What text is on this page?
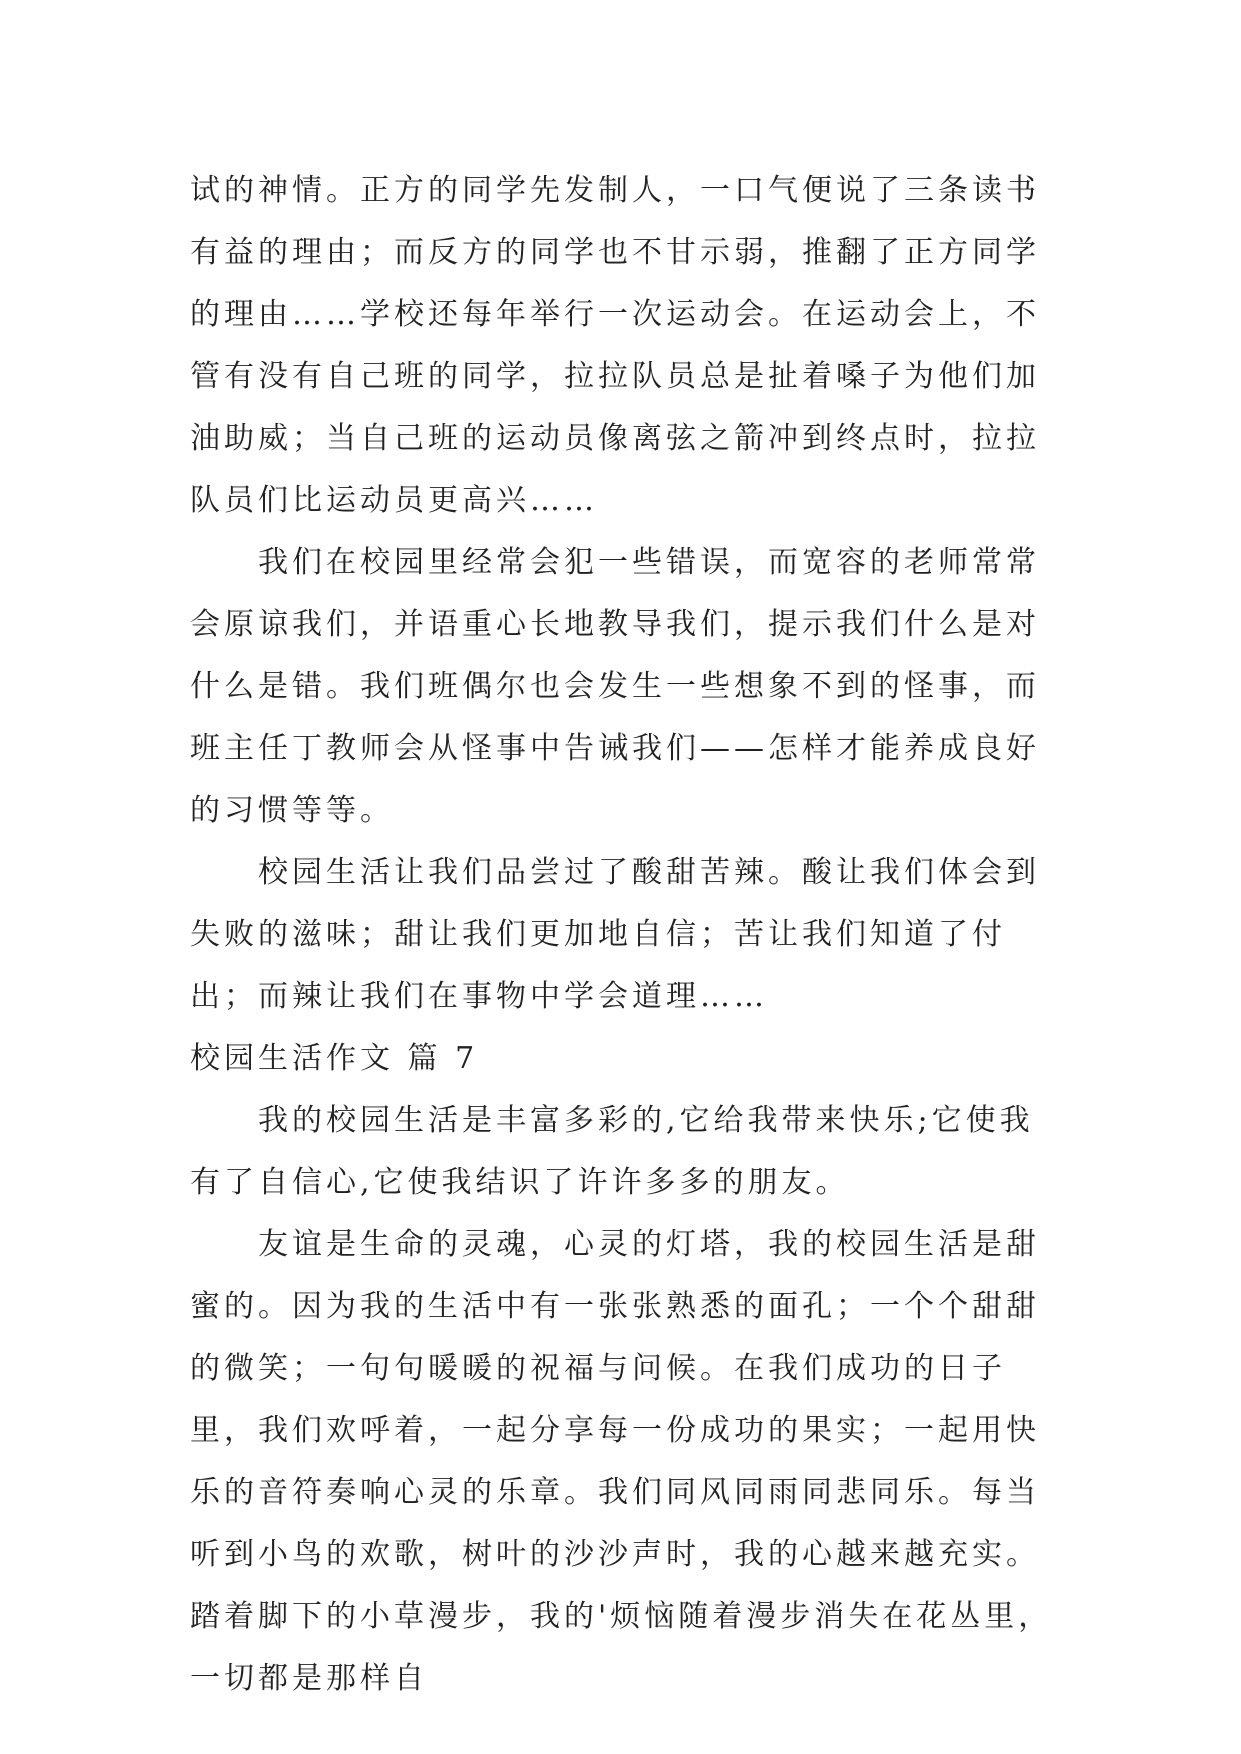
试的神情。正方的同学先发制人，一口气便说了三条读书有益的理由；而反方的同学也不甘示弱，推翻了正方同学的理由……学校还每年举行一次运动会。在运动会上，不管有没有自己班的同学，拉拉队员总是扯着嗓子为他们加油助威；当自己班的运动员像离弦之箭冲到终点时，拉拉队员们比运动员更高兴……

我们在校园里经常会犯一些错误，而宽容的老师常常会原谅我们，并语重心长地教导我们，提示我们什么是对什么是错。我们班偶尔也会发生一些想象不到的怪事，而班主任丁教师会从怪事中告诫我们——怎样才能养成良好的习惯等等。

校园生活让我们品尝过了酸甜苦辣。酸让我们体会到失败的滋味；甜让我们更加地自信；苦让我们知道了付出；而辣让我们在事物中学会道理……

校园生活作文 篇 7

我的校园生活是丰富多彩的,它给我带来快乐;它使我有了自信心,它使我结识了许许多多的朋友。

友谊是生命的灵魂，心灵的灯塔，我的校园生活是甜蜜的。因为我的生活中有一张张熟悉的面孔；一个个甜甜的微笑；一句句暖暖的祝福与问候。在我们成功的日子里，我们欢呼着，一起分享每一份成功的果实；一起用快乐的音符奏响心灵的乐章。我们同风同雨同悲同乐。每当听到小鸟的欢歌，树叶的沙沙声时，我的心越来越充实。踏着脚下的小草漫步，我的'烦恼随着漫步消失在花丛里，一切都是那样自
